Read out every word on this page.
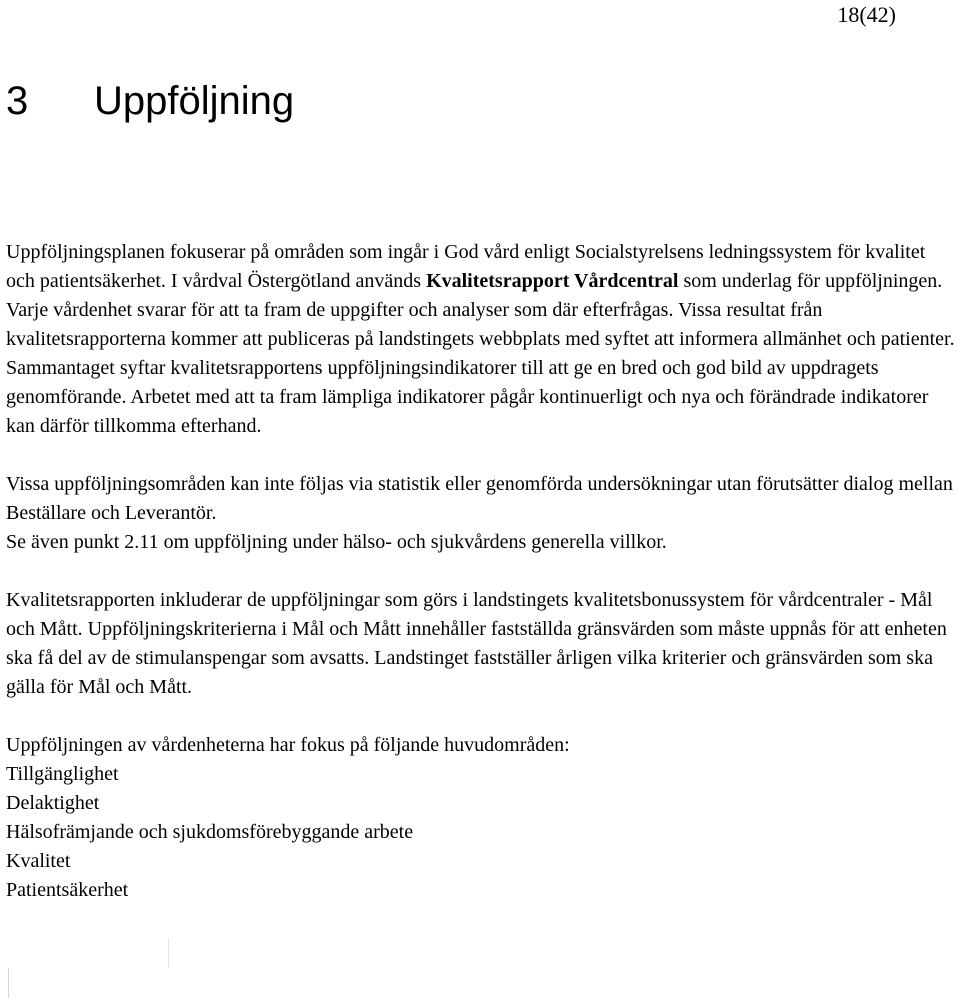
18(42)
3 Uppföljning

Uppföljningsplanen fokuserar på områden som ingår i God vård enligt Socialstyrelsens ledningssystem för kvalitet och patientsäkerhet. I vårdval Östergötland används Kvalitetsrapport Vårdcentral som underlag för uppföljningen. Varje vårdenhet svarar för att ta fram de uppgifter och analyser som där efterfrågas. Vissa resultat från kvalitetsrapporterna kommer att publiceras på landstingets webbplats med syftet att informera allmänhet och patienter. Sammantaget syftar kvalitetsrapportens uppföljningsindikatorer till att ge en bred och god bild av uppdragets genomförande. Arbetet med att ta fram lämpliga indikatorer pågår kontinuerligt och nya och förändrade indikatorer kan därför tillkomma efterhand.

Vissa uppföljningsområden kan inte följas via statistik eller genomförda undersökningar utan förutsätter dialog mellan Beställare och Leverantör.

Se även punkt 2.11 om uppföljning under hälso- och sjukvårdens generella villkor.

Kvalitetsrapporten inkluderar de uppföljningar som görs i landstingets kvalitetsbonussystem för vårdcentraler - Mål och Mått. Uppföljningskriterierna i Mål och Mått innehåller fastställda gränsvärden som måste uppnås för att enheten ska få del av de stimulanspengar som avsatts. Landstinget fastställer årligen vilka kriterier och gränsvärden som ska gälla för Mål och Mått.

Uppföljningen av vårdenheterna har fokus på följande huvudområden:

Tillgänglighet
Delaktighet
Hälsofrämjande och sjukdomsförebyggande arbete
Kvalitet
Patientsäkerhet
